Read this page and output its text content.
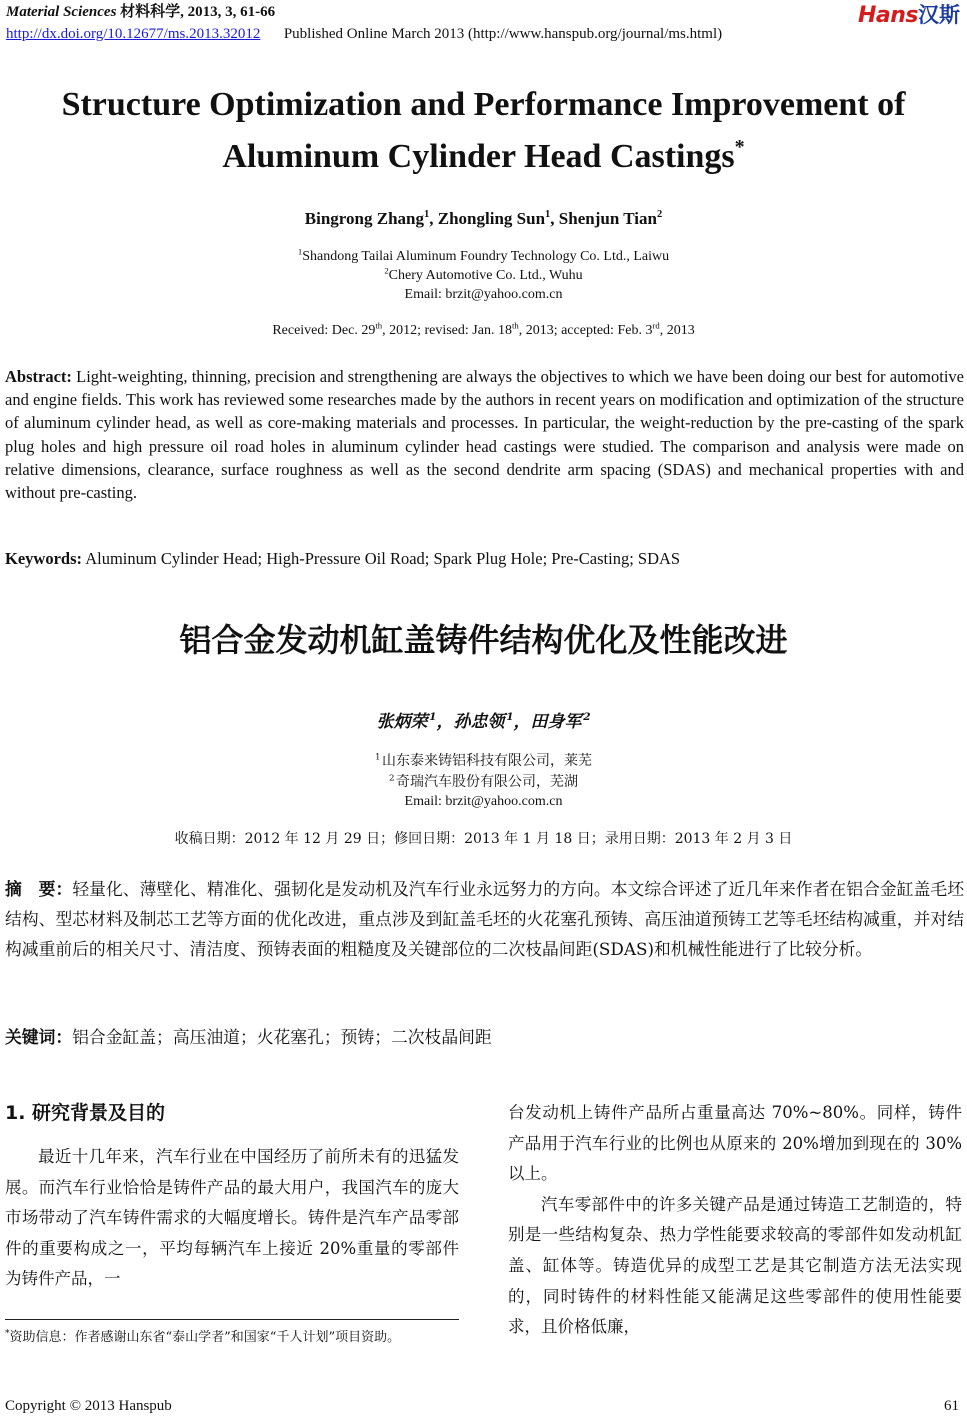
Material Sciences 材料科学, 2013, 3, 61-66
http://dx.doi.org/10.12677/ms.2013.32012 Published Online March 2013 (http://www.hanspub.org/journal/ms.html)
Hans汉斯
Structure Optimization and Performance Improvement of
Aluminum Cylinder Head Castings*
Bingrong Zhang$^1$, Zhongling Sun$^1$, Shenjun Tian$^2$
$^1$Shandong Tailai Aluminum Foundry Technology Co. Ltd., Laiwu
$^2$Chery Automotive Co. Ltd., Wuhu
Email: brzit@yahoo.com.cn
Received: Dec. 29th, 2012; revised: Jan. 18th, 2013; accepted: Feb. 3rd, 2013
Abstract: Light-weighting, thinning, precision and strengthening are always the objectives to which we have been doing our best for automotive and engine fields. This work has reviewed some researches made by the authors in recent years on modification and optimization of the structure of aluminum cylinder head, as well as core-making materials and processes. In particular, the weight-reduction by the pre-casting of the spark plug holes and high pressure oil road holes in aluminum cylinder head castings were studied. The comparison and analysis were made on relative dimensions, clearance, surface roughness as well as the second dendrite arm spacing (SDAS) and mechanical properties with and without pre-casting.
Keywords: Aluminum Cylinder Head; High-Pressure Oil Road; Spark Plug Hole; Pre-Casting; SDAS
铝合金发动机缸盖铸件结构优化及性能改进
张炳荣  $^1$，孙忠领  $^1$，田身军  $^2$
$^1$ 山东泰来铸铝科技有限公司，莱芜
$^2$ 奇瑞汽车股份有限公司，芜湖
Email: brzit@yahoo.com.cn
收稿日期：2012 年 12 月 29 日；修回日期：2013 年 1 月 18 日；录用日期：2013 年 2 月 3 日
摘　要：轻量化、薄壁化、精准化、强韧化是发动机及汽车行业永远努力的方向。本文综合评述了近几年来作者在铝合金缸盖毛坯结构、型芯材料及制芯工艺等方面的优化改进，重点涉及到缸盖毛坯的火花塞孔预铸、高压油道预铸工艺等毛坯结构减重，并对结构减重前后的相关尺寸、清洁度、预铸表面的粗糙度及关键部位的二次枝晶间距(SDAS)和机械性能进行了比较分析。
关键词：铝合金缸盖；高压油道；火花塞孔；预铸；二次枝晶间距
1. 研究背景及目的

最近十几年来，汽车行业在中国经历了前所未有的迅猛发展。而汽车行业恰恰是铸件产品的最大用户，我国汽车的庞大市场带动了汽车铸件需求的大幅度增长。铸件是汽车产品零部件的重要构成之一，平均每辆汽车上接近 20%重量的零部件为铸件产品，一

台发动机上铸件产品所占重量高达 70%~80%。同样，铸件产品用于汽车行业的比例也从原来的 20%增加到现在的 30%以上。

汽车零部件中的许多关键产品是通过铸造工艺制造的，特别是一些结构复杂、热力学性能要求较高的零部件如发动机缸盖、缸体等。铸造优异的成型工艺是其它制造方法无法实现的，同时铸件的材料性能又能满足这些零部件的使用性能要求，且价格低廉，

*资助信息：作者感谢山东省“泰山学者”和国家“千人计划”项目资助。
Copyright © 2013 Hanspub	61
